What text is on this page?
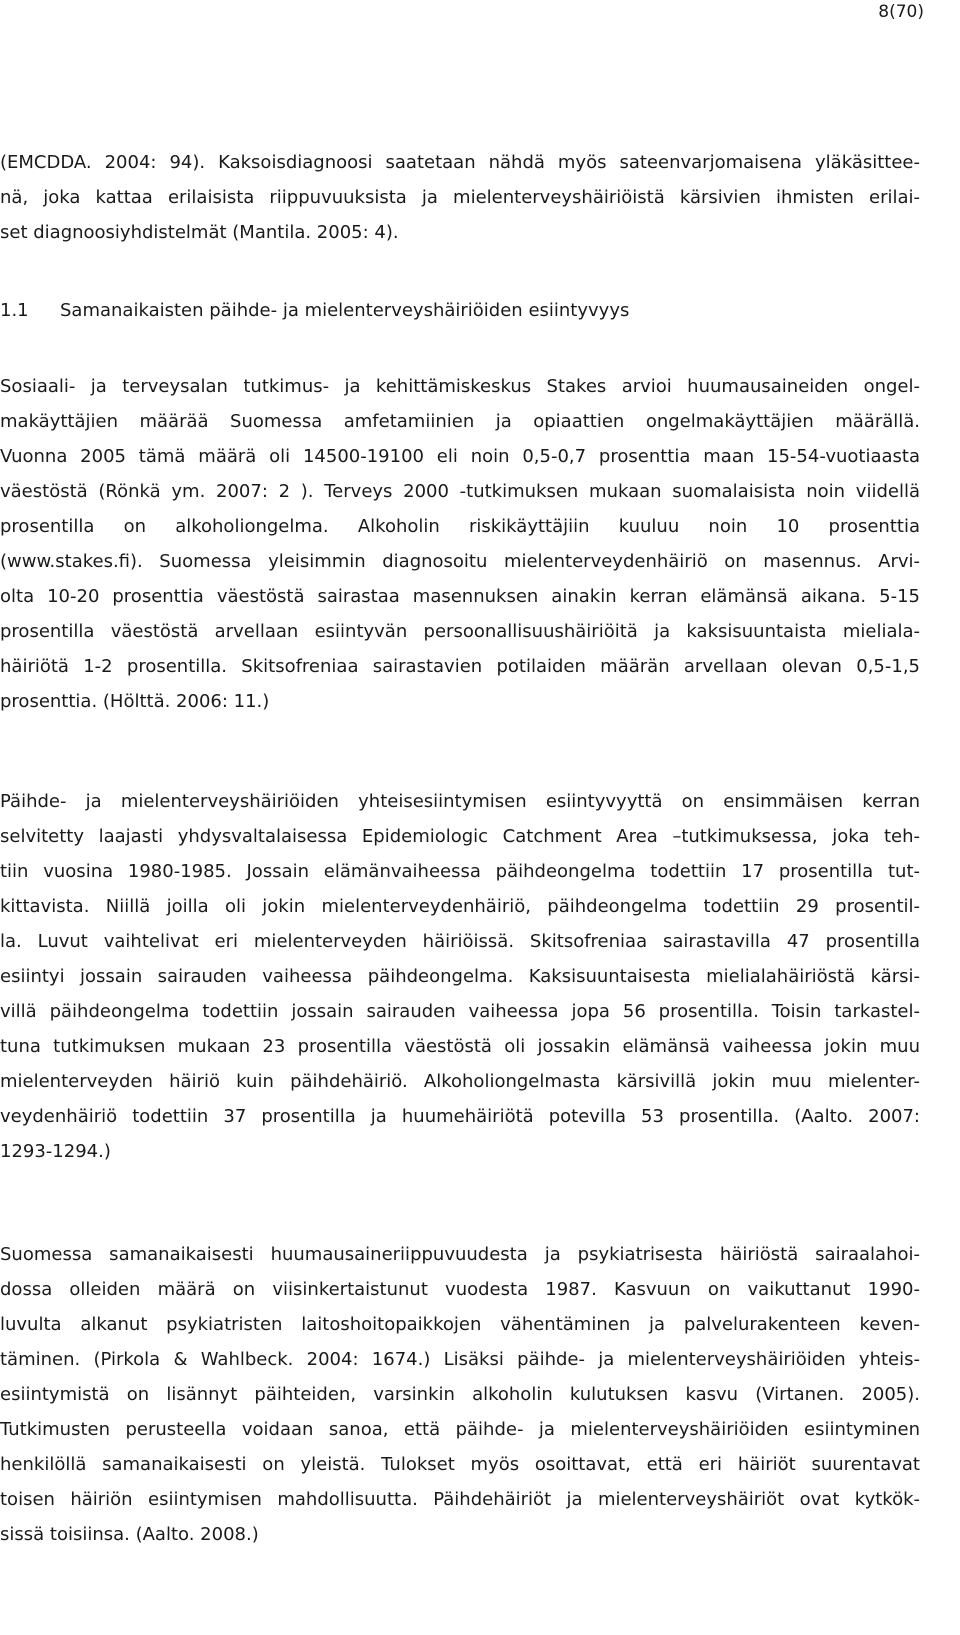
8(70)
(EMCDDA. 2004: 94). Kaksoisdiagnoosi saatetaan nähdä myös sateenvarjomaisena yläkäsittee-
nä, joka kattaa erilaisista riippuvuuksista ja mielenterveyshäiriöistä kärsivien ihmisten erilai-
set diagnoosiyhdistelmät (Mantila. 2005: 4).
1.1 Samanaikaisten päihde- ja mielenterveyshäiriöiden esiintyvyys
Sosiaali- ja terveysalan tutkimus- ja kehittämiskeskus Stakes arvioi huumausaineiden ongel-
makäyttäjien määrää Suomessa amfetamiinien ja opiaattien ongelmakäyttäjien määrällä.
Vuonna 2005 tämä määrä oli 14500-19100 eli noin 0,5-0,7 prosenttia maan 15-54-vuotiaasta
väestöstä (Rönkä ym. 2007: 2 ). Terveys 2000 -tutkimuksen mukaan suomalaisista noin viidellä
prosentilla on alkoholiongelma. Alkoholin riskikäyttäjiin kuuluu noin 10 prosenttia
(www.stakes.fi). Suomessa yleisimmin diagnosoitu mielenterveydenhäiriö on masennus. Arvi-
olta 10-20 prosenttia väestöstä sairastaa masennuksen ainakin kerran elämänsä aikana. 5-15
prosentilla väestöstä arvellaan esiintyvän persoonallisuushäiriöitä ja kaksisuuntaista mieliala-
häiriötä 1-2 prosentilla. Skitsofreniaa sairastavien potilaiden määrän arvellaan olevan 0,5-1,5
prosenttia. (Hölttä. 2006: 11.)
Päihde- ja mielenterveyshäiriöiden yhteisesiintymisen esiintyvyyttä on ensimmäisen kerran
selvitetty laajasti yhdysvaltalaisessa Epidemiologic Catchment Area –tutkimuksessa, joka teh-
tiin vuosina 1980-1985. Jossain elämänvaiheessa päihdeongelma todettiin 17 prosentilla tut-
kittavista. Niillä joilla oli jokin mielenterveydenhäiriö, päihdeongelma todettiin 29 prosentil-
la. Luvut vaihtelivat eri mielenterveyden häiriöissä. Skitsofreniaa sairastavilla 47 prosentilla
esiintyi jossain sairauden vaiheessa päihdeongelma. Kaksisuuntaisesta mielialahäiriöstä kärsi-
villä päihdeongelma todettiin jossain sairauden vaiheessa jopa 56 prosentilla. Toisin tarkastel-
tuna tutkimuksen mukaan 23 prosentilla väestöstä oli jossakin elämänsä vaiheessa jokin muu
mielenterveyden häiriö kuin päihdehäiriö. Alkoholiongelmasta kärsivillä jokin muu mielenter-
veydenhäiriö todettiin 37 prosentilla ja huumehäiriötä potevilla 53 prosentilla. (Aalto. 2007:
1293-1294.)
Suomessa samanaikaisesti huumausaineriippuvuudesta ja psykiatrisesta häiriöstä sairaalahoi-
dossa olleiden määrä on viisinkertaistunut vuodesta 1987. Kasvuun on vaikuttanut 1990-
luvulta alkanut psykiatristen laitoshoitopaikkojen vähentäminen ja palvelurakenteen keven-
täminen. (Pirkola & Wahlbeck. 2004: 1674.) Lisäksi päihde- ja mielenterveyshäiriöiden yhteis-
esiintymistä on lisännyt päihteiden, varsinkin alkoholin kulutuksen kasvu (Virtanen. 2005).
Tutkimusten perusteella voidaan sanoa, että päihde- ja mielenterveyshäiriöiden esiintyminen
henkilöllä samanaikaisesti on yleistä. Tulokset myös osoittavat, että eri häiriöt suurentavat
toisen häiriön esiintymisen mahdollisuutta. Päihdehäiriöt ja mielenterveyshäiriöt ovat kytkök-
sissä toisiinsa. (Aalto. 2008.)
